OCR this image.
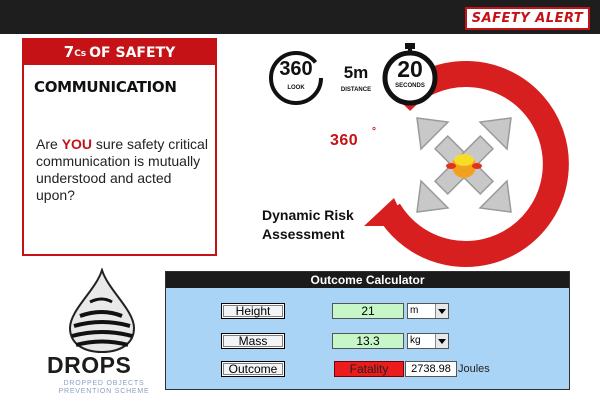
SAFETY ALERT
$7^{Cs}$ OF SAFETY
COMMUNICATION
Are YOU sure safety critical communication is mutually understood and acted upon?
°
360
LOOK
5m
DISTANCE
20
SECONDS
360
Dynamic Risk Assessment
DROPS
DROPPED OBJECTS PREVENTION SCHEME
Outcome Calculator
Height	21	m
Mass	13.3	kg
Outcome	Fatality	2738.98 Joules
